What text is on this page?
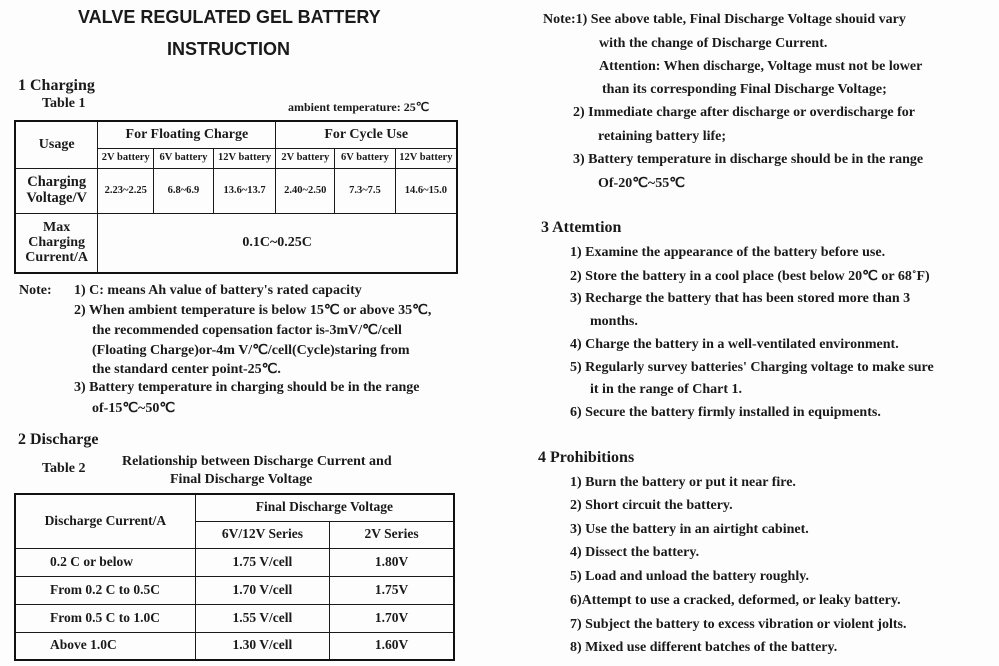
VALVE REGULATED GEL BATTERY
INSTRUCTION
1 Charging
Table 1	ambient temperature: 25℃
Usage	For Floating Charge			For Cycle Use		
	2V battery	6V battery	12V battery	2V battery	6V battery	12V battery
Charging Voltage/V	2.23~2.25	6.8~6.9	13.6~13.7	2.40~2.50	7.3~7.5	14.6~15.0
Max Charging Current/A	0.1C~0.25C					
Note: 1) C: means Ah value of battery's rated capacity
2) When ambient temperature is below 15℃ or above 35℃,
the recommended copensation factor is-3mV/℃/cell
(Floating Charge)or-4m V/℃/cell(Cycle)staring from
the standard center point-25℃.
3) Battery temperature in charging should be in the range
of-15℃~50℃
2 Discharge
Table 2	Relationship between Discharge Current and
Final Discharge Voltage
Discharge Current/A	Final Discharge Voltage	
	6V/12V Series	2V Series
0.2 C or below	1.75 V/cell	1.80V
From 0.2 C to 0.5C	1.70 V/cell	1.75V
From 0.5 C to 1.0C	1.55 V/cell	1.70V
Above 1.0C	1.30 V/cell	1.60V
Note:1) See above table, Final Discharge Voltage shouid vary
with the change of Discharge Current.
Attention: When discharge, Voltage must not be lower
than its corresponding Final Discharge Voltage;
2) Immediate charge after discharge or overdischarge for
retaining battery life;
3) Battery temperature in discharge should be in the range
Of-20℃~55℃
3 Attemtion
1) Examine the appearance of the battery before use.
2) Store the battery in a cool place (best below 20℃ or 68˚F)
3) Recharge the battery that has been stored more than 3
months.
4) Charge the battery in a well-ventilated environment.
5) Regularly survey batteries' Charging voltage to make sure
it in the range of Chart 1.
6) Secure the battery firmly installed in equipments.
4 Prohibitions
1) Burn the battery or put it near fire.
2) Short circuit the battery.
3) Use the battery in an airtight cabinet.
4) Dissect the battery.
5) Load and unload the battery roughly.
6)Attempt to use a cracked, deformed, or leaky battery.
7) Subject the battery to excess vibration or violent jolts.
8) Mixed use different batches of the battery.
